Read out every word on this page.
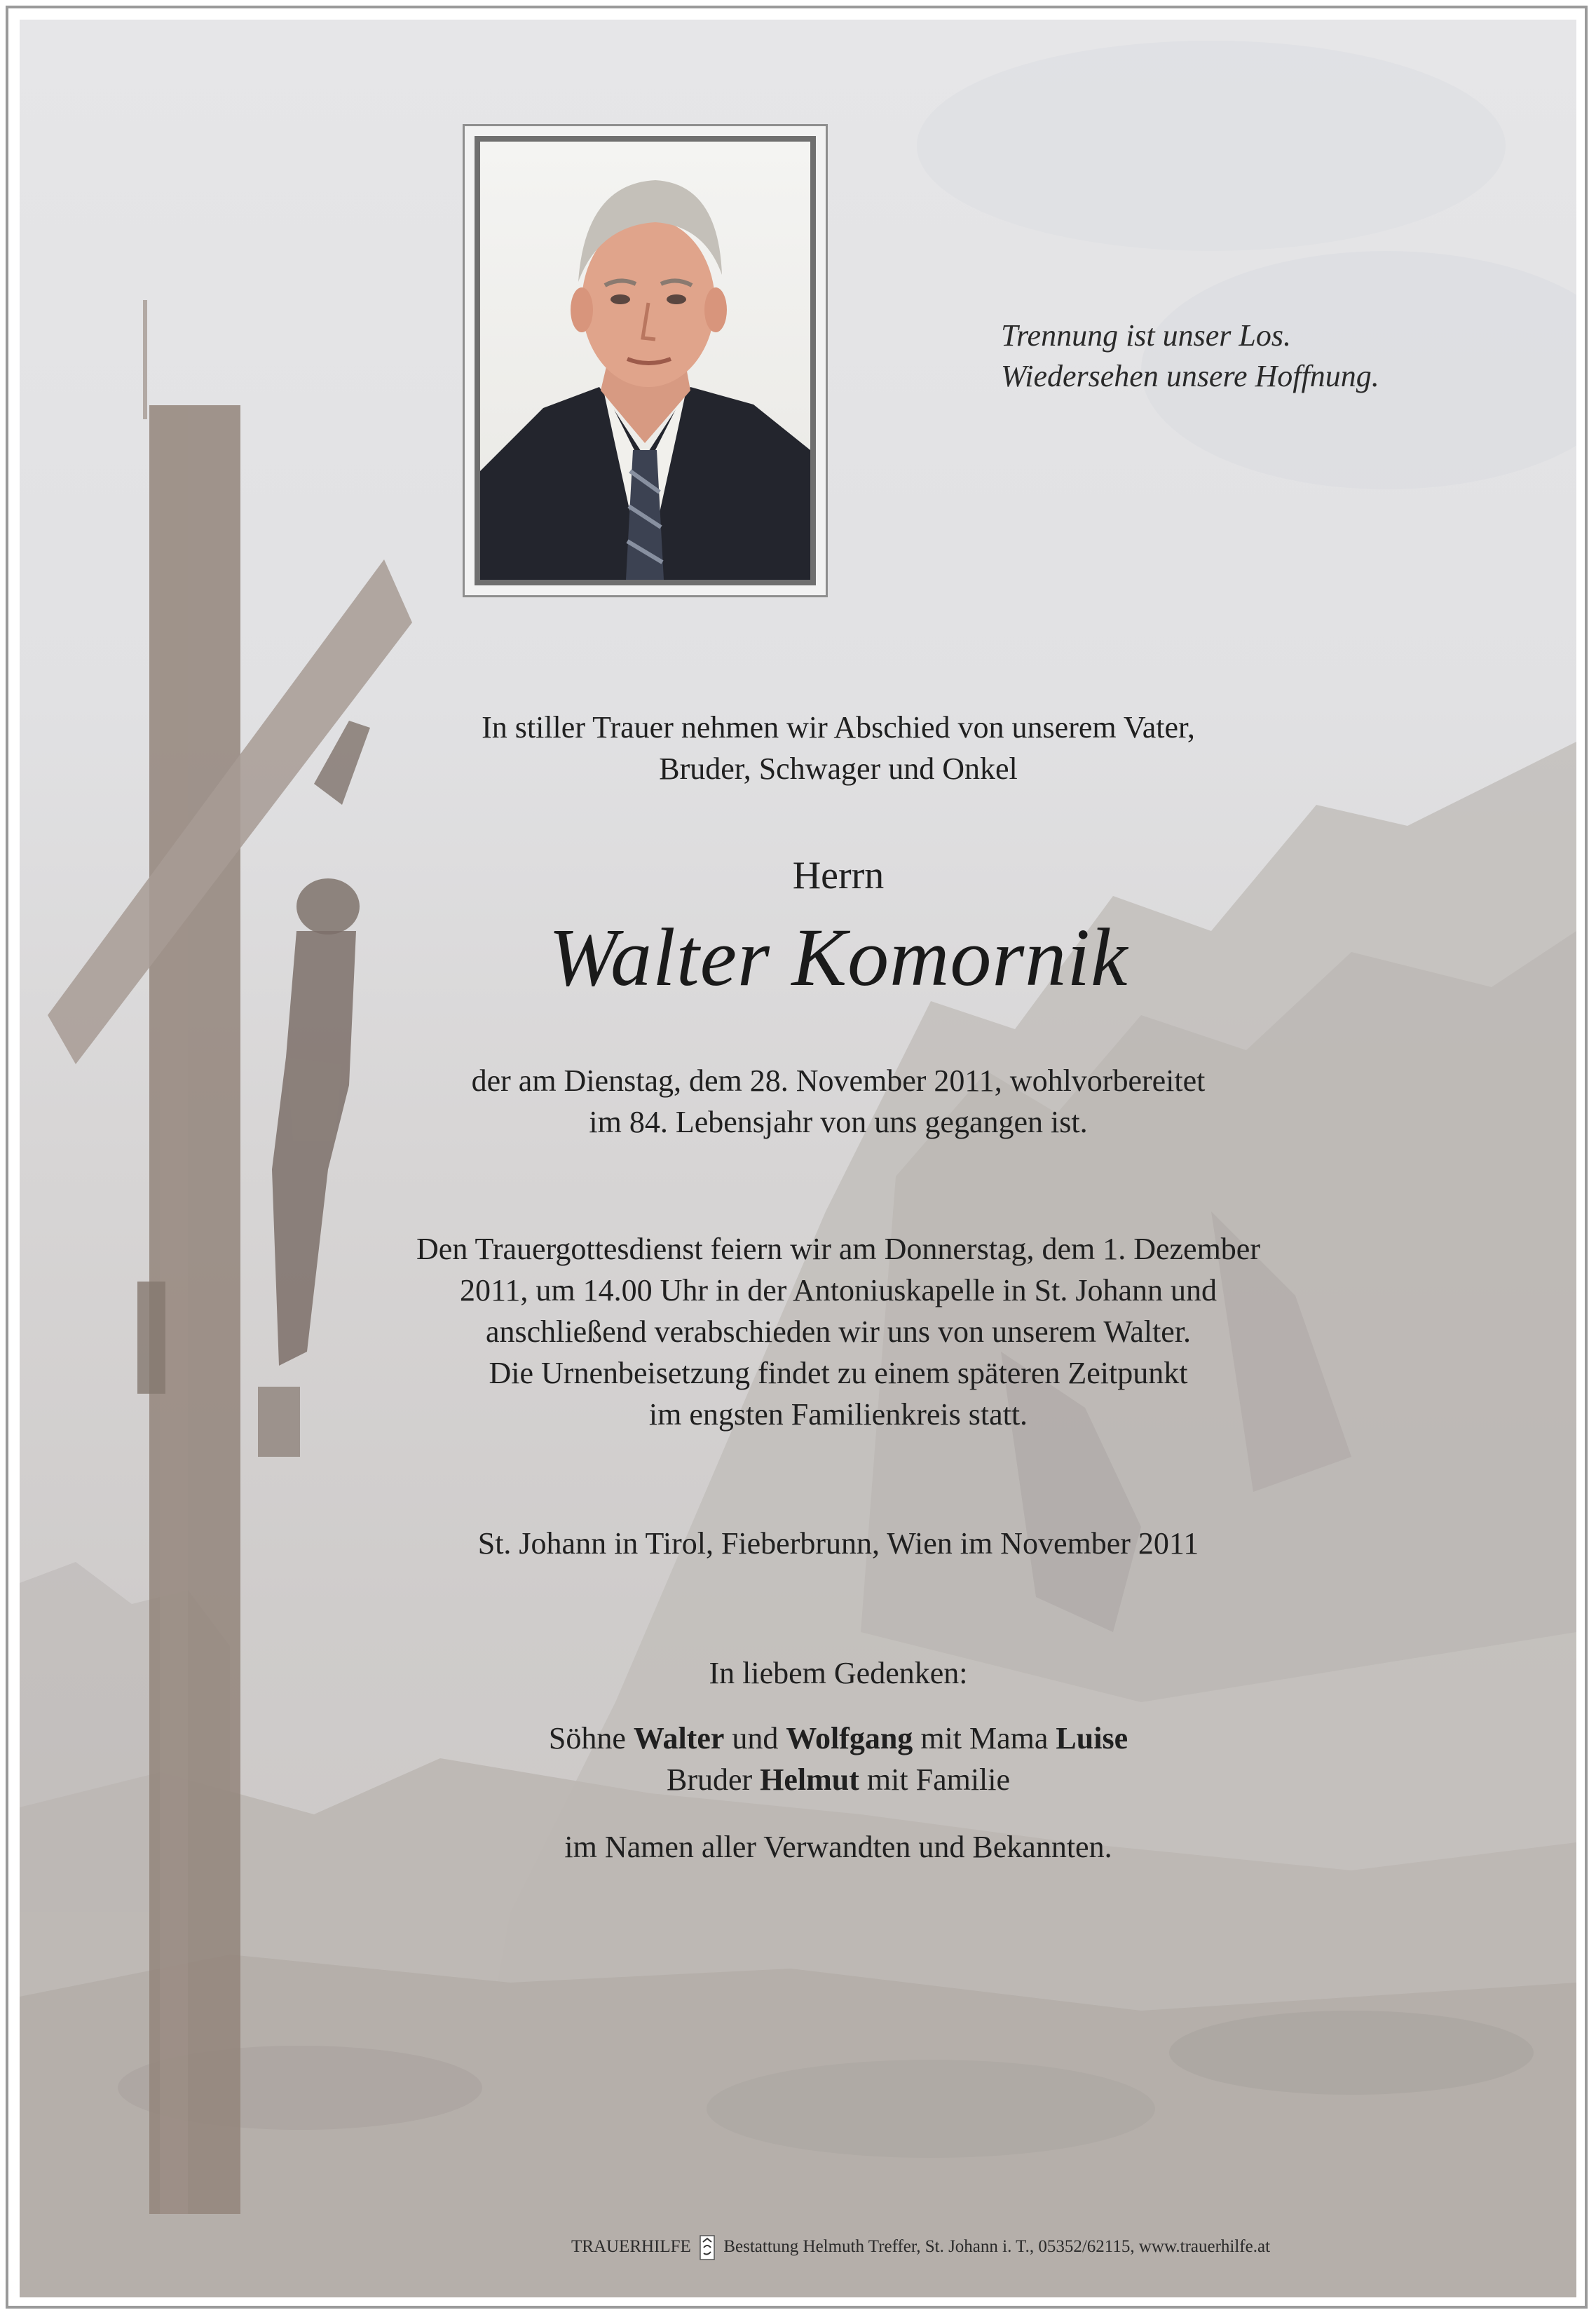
Trennung ist unser Los.
Wiedersehen unsere Hoffnung.
In stiller Trauer nehmen wir Abschied von unserem Vater,
Bruder, Schwager und Onkel
Herrn
Walter Komornik
der am Dienstag, dem 28. November 2011, wohlvorbereitet
im 84. Lebensjahr von uns gegangen ist.
Den Trauergottesdienst feiern wir am Donnerstag, dem 1. Dezember
2011, um 14.00 Uhr in der Antoniuskapelle in St. Johann und
anschließend verabschieden wir uns von unserem Walter.
Die Urnenbeisetzung findet zu einem späteren Zeitpunkt
im engsten Familienkreis statt.
St. Johann in Tirol, Fieberbrunn, Wien im November 2011
In liebem Gedenken:
Söhne Walter und Wolfgang mit Mama Luise
Bruder Helmut mit Familie
im Namen aller Verwandten und Bekannten.
TRAUERHILFE Bestattung Helmuth Treffer, St. Johann i. T., 05352/62115, www.trauerhilfe.at
